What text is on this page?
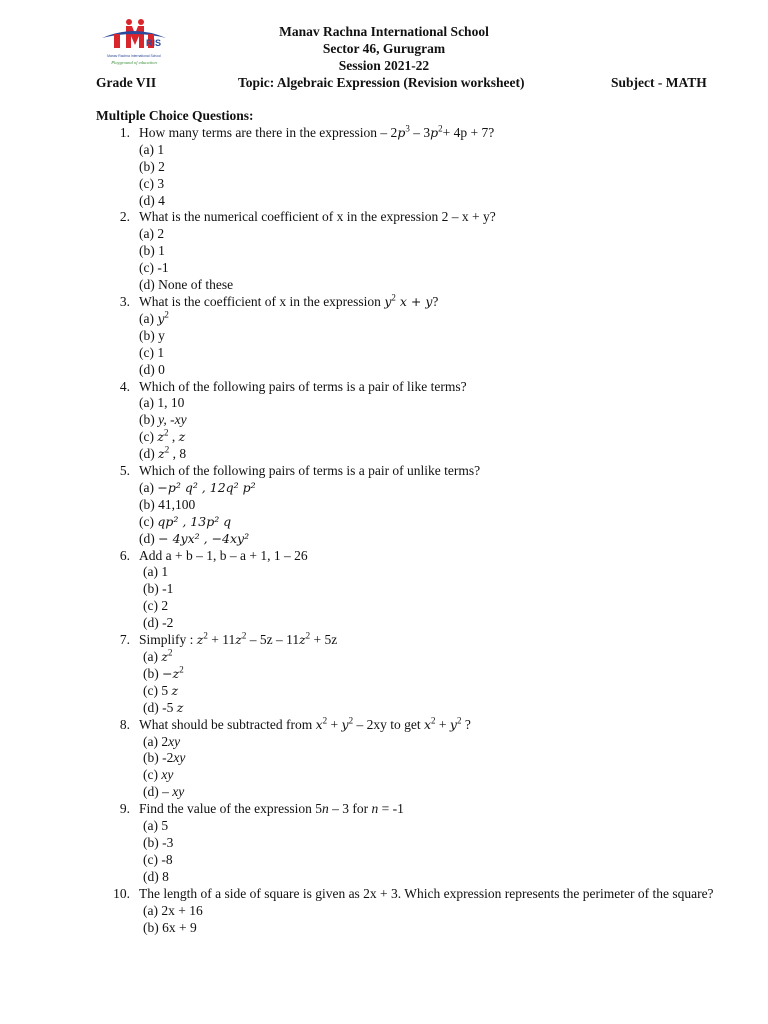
RIS
Manav Rachna International School
Playground of education
Manav Rachna International School
Sector 46, Gurugram
Session 2021-22
Grade VII	Topic: Algebraic Expression (Revision worksheet)	Subject - MATH
Multiple Choice Questions:
1. How many terms are there in the expression – $2p^3 - 3p^2+ 4p + 7$?
(a) 1
(b) 2
(c) 3
(d) 4
2. What is the numerical coefficient of x in the expression 2 – x + y?
(a) 2
(b) 1
(c) -1
(d) None of these
3. What is the coefficient of x in the expression $y^2$ x + y?
(a) $y^2$
(b) y
(c) 1
(d) 0
4. Which of the following pairs of terms is a pair of like terms?
(a) 1, 10
(b) y, -xy
(c) $z^2$ , z
(d) $z^2$ , 8
5. Which of the following pairs of terms is a pair of unlike terms?
(a) −p² q² , 12q² p²
(b) 41,100
(c) qp² , 13p² q
(d) − 4yx² , −4xy²
6. Add a + b – 1, b – a + 1, 1 – 26
(a) 1
(b) -1
(c) 2
(d) -2
7. Simplify : $z^2 + 11z^2 - 5z - 11z^2 + 5z$
(a) $z^2$
$(b) -z^2$
(c) 5 z
(d) -5 z
8. What should be subtracted from $x^2 + y^2 - 2xy$ to get $x^2 + y^2$ ?
(a) 2xy
(b) -2xy
(c) xy
(d) – xy
9. Find the value of the expression 5n – 3 for n = -1
(a) 5
(b) -3
(c) -8
(d) 8
10. The length of a side of square is given as 2x + 3. Which expression represents the perimeter of the square?
(a) 2x + 16
(b) 6x + 9
